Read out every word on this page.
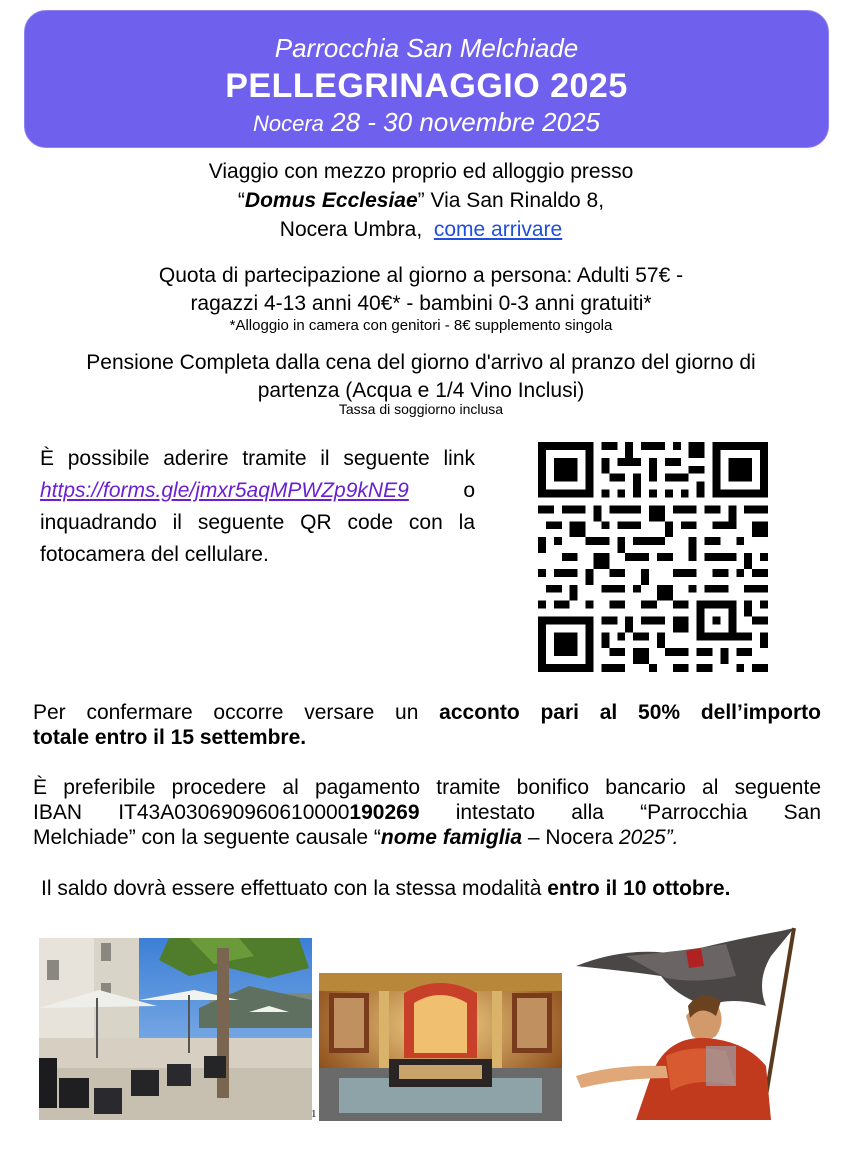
Parrocchia San Melchiade
PELLEGRINAGGIO 2025
Nocera 28 - 30 novembre 2025
Viaggio con mezzo proprio ed alloggio presso
“Domus Ecclesiae” Via San Rinaldo 8,
Nocera Umbra, come arrivare
Quota di partecipazione al giorno a persona: Adulti 57€ -
ragazzi 4-13 anni 40€* - bambini 0-3 anni gratuiti*
*Alloggio in camera con genitori - 8€ supplemento singola
Pensione Completa dalla cena del giorno d'arrivo al pranzo del giorno di
partenza (Acqua e 1/4 Vino Inclusi)
Tassa di soggiorno inclusa
È possibile aderire tramite il seguente link
https://forms.gle/jmxr5aqMPWZp9kNE9	o
inquadrando il seguente QR code con la
fotocamera del cellulare.
Per confermare occorre versare un acconto pari al 50% dell’importo
totale entro il 15 settembre.
È preferibile procedere al pagamento tramite bonifico bancario al seguente
IBAN IT43A030690960610000190269 intestato alla “Parrocchia San
Melchiade” con la seguente causale “nome famiglia – Nocera 2025”.
Il saldo dovrà essere effettuato con la stessa modalità entro il 10 ottobre.
1
